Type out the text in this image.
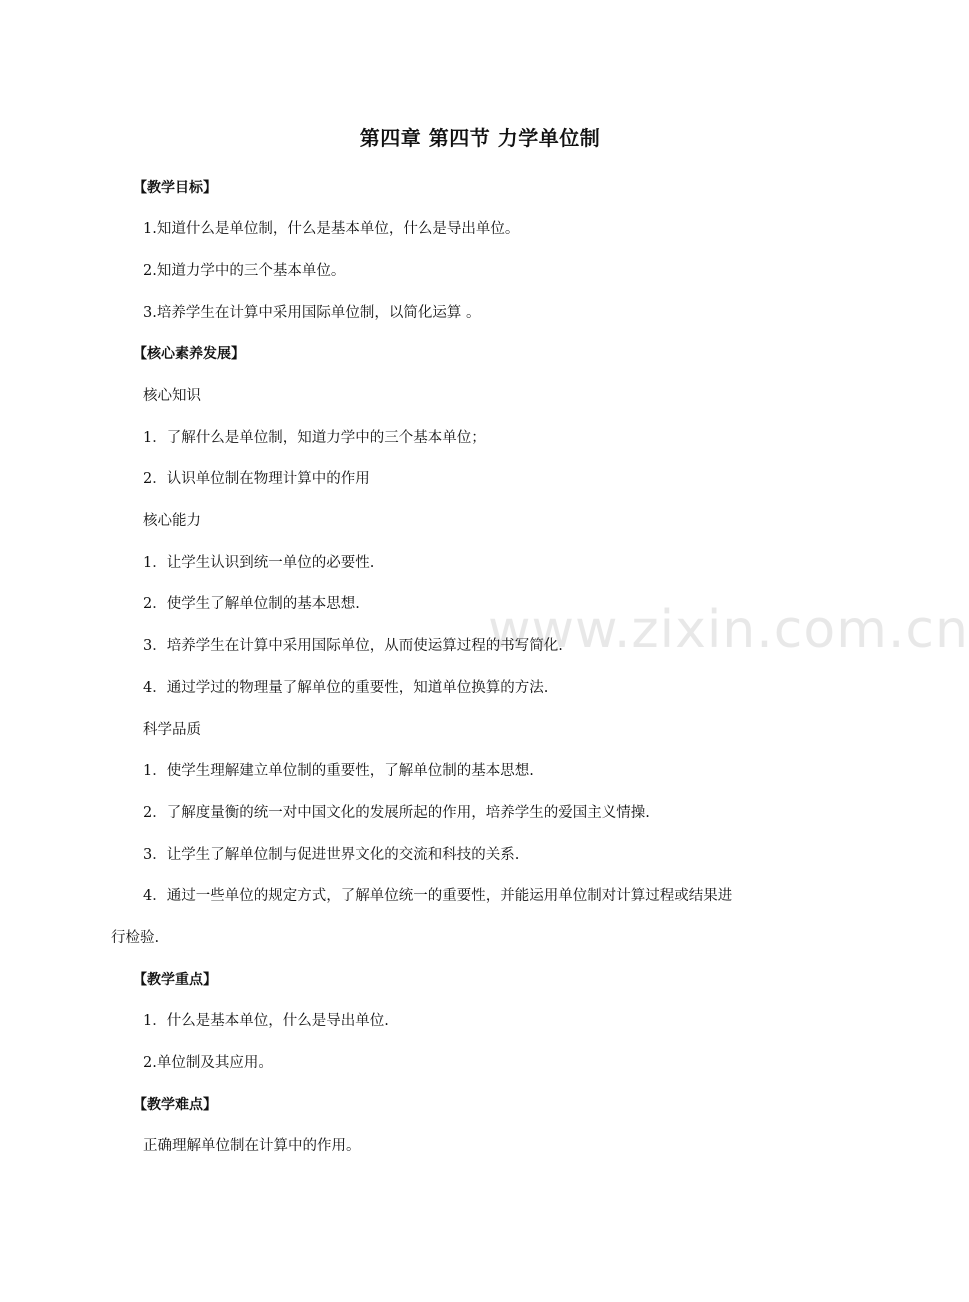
www.zixin.com.cn
第四章 第四节 力学单位制
【教学目标】
1.知道什么是单位制，什么是基本单位，什么是导出单位。
2.知道力学中的三个基本单位。
3.培养学生在计算中采用国际单位制，以简化运算 。
【核心素养发展】
核心知识
1．了解什么是单位制，知道力学中的三个基本单位；
2．认识单位制在物理计算中的作用
核心能力
1．让学生认识到统一单位的必要性.
2．使学生了解单位制的基本思想.
3．培养学生在计算中采用国际单位，从而使运算过程的书写简化.
4．通过学过的物理量了解单位的重要性，知道单位换算的方法.
科学品质
1．使学生理解建立单位制的重要性，了解单位制的基本思想.
2．了解度量衡的统一对中国文化的发展所起的作用，培养学生的爱国主义情操.
3．让学生了解单位制与促进世界文化的交流和科技的关系.
4．通过一些单位的规定方式，了解单位统一的重要性，并能运用单位制对计算过程或结果进
行检验.
【教学重点】
1．什么是基本单位，什么是导出单位.
2.单位制及其应用。
【教学难点】
正确理解单位制在计算中的作用。
